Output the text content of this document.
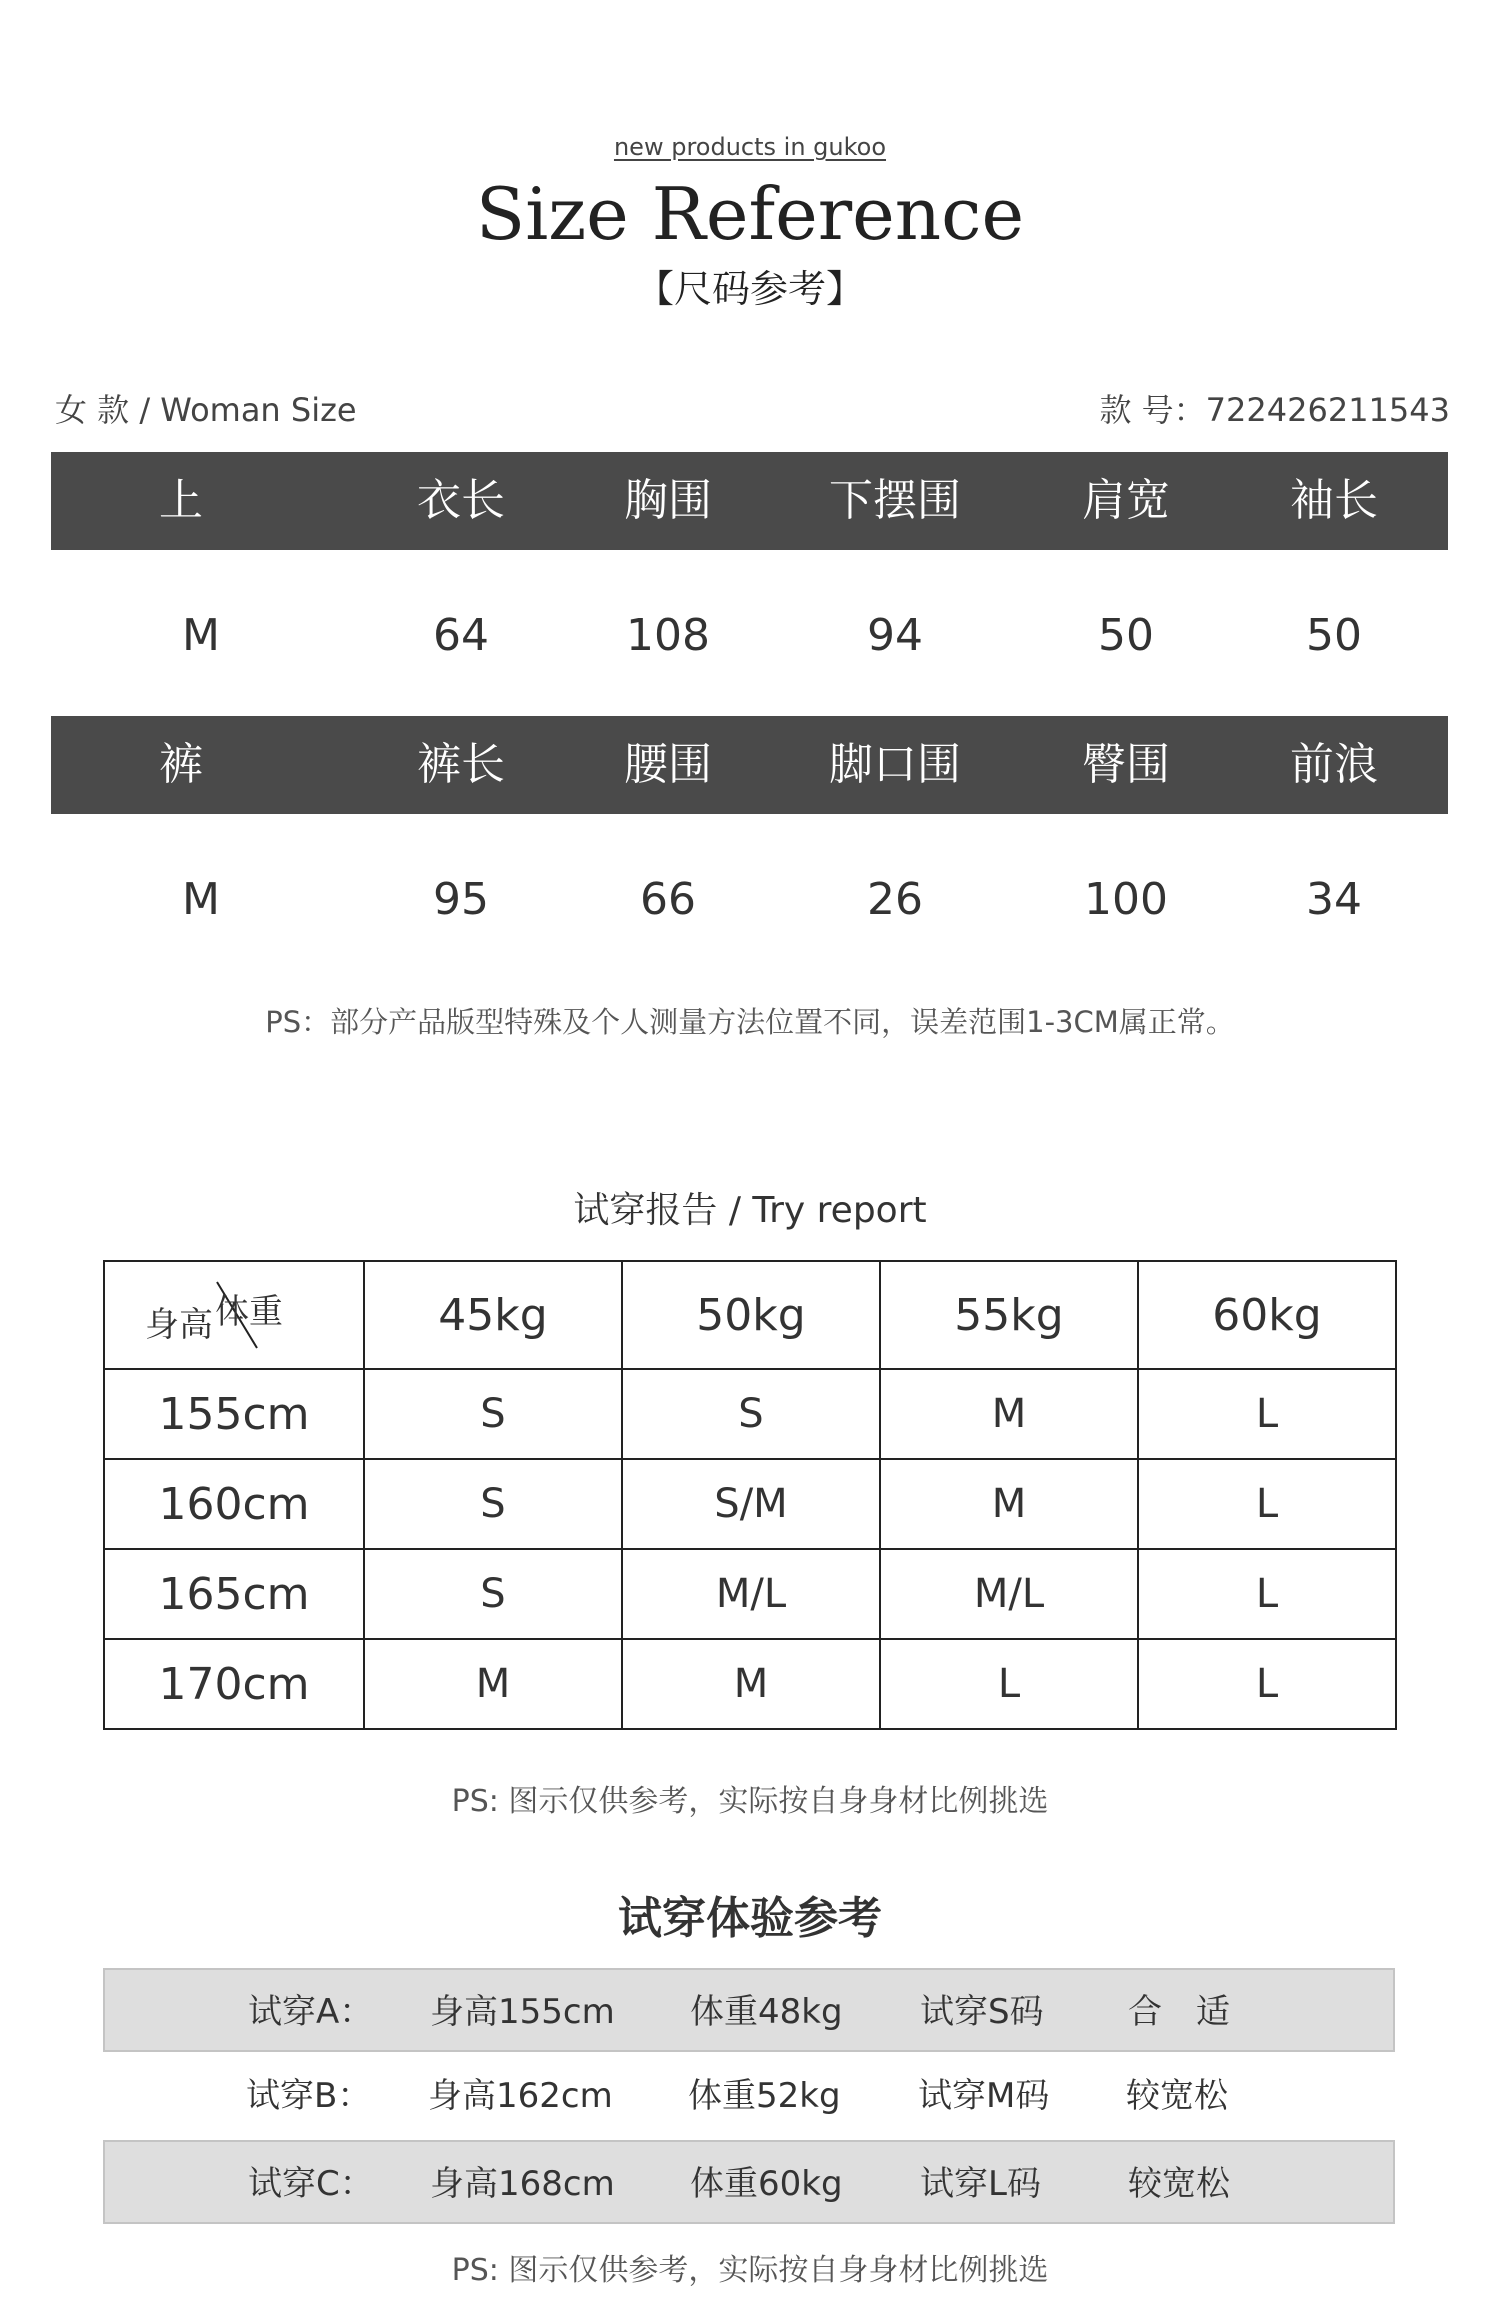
new products in gukoo
Size Reference
【尺码参考】
女 款 / Woman Size	款 号：722426211543
上衣/cm
衣长	胸围	下摆围	肩宽	袖长
M	64	108	94	50	50
裤子/cm
裤长	腰围	脚口围	臀围	前浪
M	95	66	26	100	34
PS：部分产品版型特殊及个人测量方法位置不同，误差范围1-3CM属正常。
试穿报告 / Try report
体重
身高	45kg	50kg	55kg	60kg
155cm	S	S	M	L
160cm	S	S/M	M	L
165cm	S	M/L	M/L	L
170cm	M	M	L	L
PS: 图示仅供参考，实际按自身身材比例挑选
试穿体验参考
试穿A： 身高155cm 体重48kg 试穿S码 合　适
试穿B： 身高162cm 体重52kg 试穿M码 较宽松
试穿C： 身高168cm 体重60kg 试穿L码	较宽松
PS: 图示仅供参考，实际按自身身材比例挑选
